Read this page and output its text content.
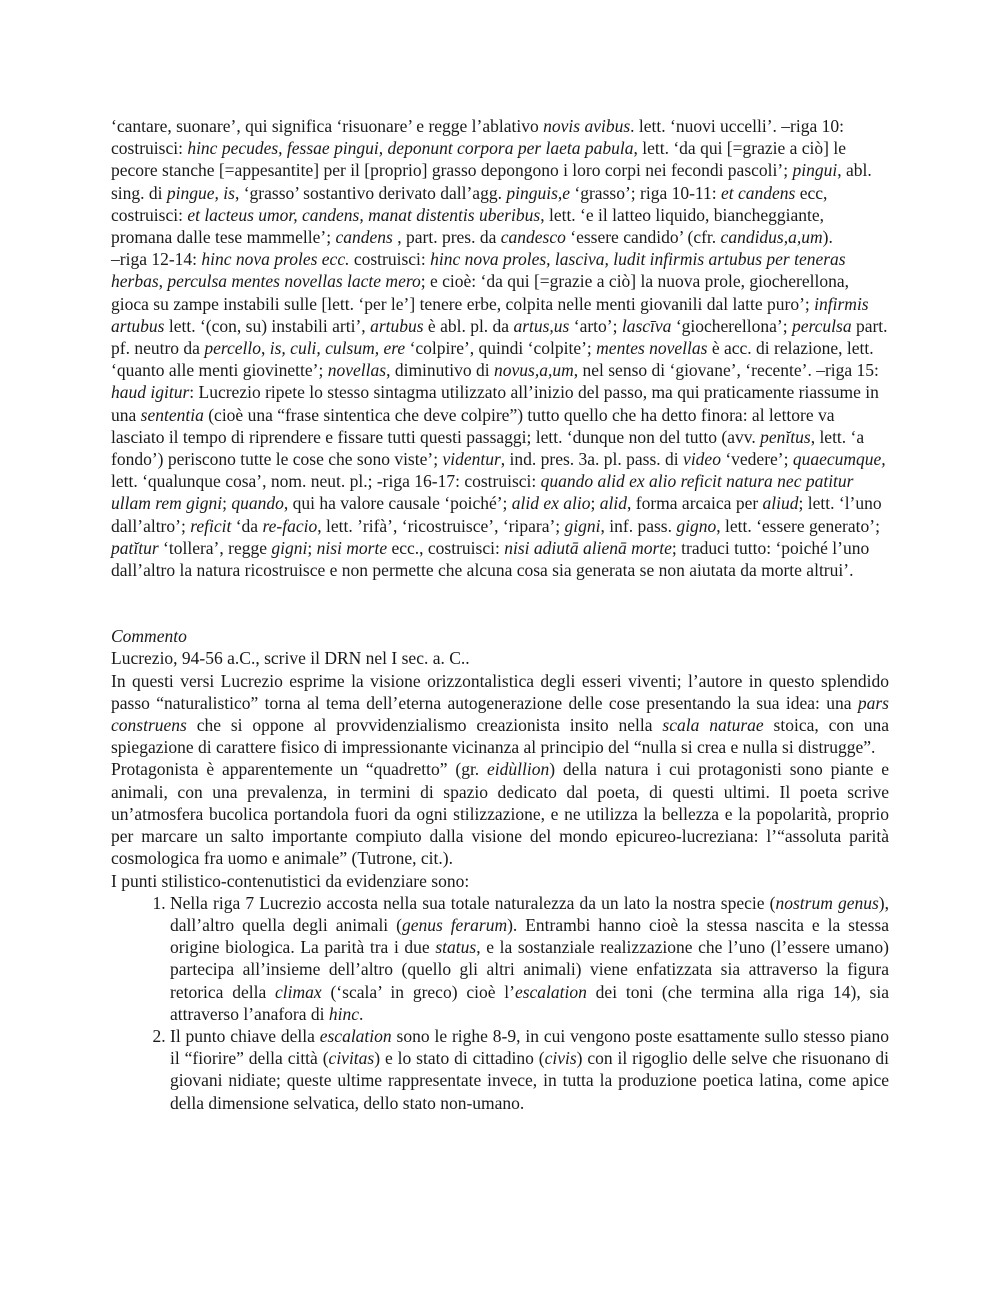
‘cantare, suonare’, qui significa ‘risuonare’ e regge l’ablativo novis avibus. lett. ‘nuovi uccelli’. –riga 10: costruisci: hinc pecudes, fessae pingui, deponunt corpora per laeta pabula, lett. ‘da qui [=grazie a ciò] le pecore stanche [=appesantite] per il [proprio] grasso depongono i loro corpi nei fecondi pascoli’; pingui, abl. sing. di pingue, is, ‘grasso’ sostantivo derivato dall’agg. pinguis,e ‘grasso’; riga 10-11: et candens ecc, costruisci: et lacteus umor, candens, manat distentis uberibus, lett. ‘e il latteo liquido, biancheggiante, promana dalle tese mammelle’; candens , part. pres. da candesco ‘essere candido’ (cfr. candidus,a,um).

–riga 12-14: hinc nova proles ecc. costruisci: hinc nova proles, lasciva, ludit infirmis artubus per teneras herbas, perculsa mentes novellas lacte mero; e cioè: ‘da qui [=grazie a ciò] la nuova prole, giocherellona, gioca su zampe instabili sulle [lett. ‘per le’] tenere erbe, colpita nelle menti giovanili dal latte puro’; infirmis artubus lett. ‘(con, su) instabili arti’, artubus è abl. pl. da artus,us ‘arto’; lascīva ‘giocherellona’; perculsa part. pf. neutro da percello, is, culi, culsum, ere ‘colpire’, quindi ‘colpite’; mentes novellas è acc. di relazione, lett. ‘quanto alle menti giovinette’; novellas, diminutivo di novus,a,um, nel senso di ‘giovane’, ‘recente’. –riga 15: haud igitur: Lucrezio ripete lo stesso sintagma utilizzato all’inizio del passo, ma qui praticamente riassume in una sententia (cioè una “frase sintentica che deve colpire”) tutto quello che ha detto finora: al lettore va lasciato il tempo di riprendere e fissare tutti questi passaggi; lett. ‘dunque non del tutto (avv. penĭtus, lett. ‘a fondo’) periscono tutte le cose che sono viste’; videntur, ind. pres. 3a. pl. pass. di video ‘vedere’; quaecumque, lett. ‘qualunque cosa’, nom. neut. pl.; -riga 16-17: costruisci: quando alid ex alio reficit natura nec patitur ullam rem gigni; quando, qui ha valore causale ‘poiché’; alid ex alio; alid, forma arcaica per aliud; lett. ‘l’uno dall’altro’; reficit ‘da re-facio, lett. ’rifà’, ‘ricostruisce’, ‘ripara’; gigni, inf. pass. gigno, lett. ‘essere generato’; patĭtur ‘tollera’, regge gigni; nisi morte ecc., costruisci: nisi adiutā alienā morte; traduci tutto: ‘poiché l’uno dall’altro la natura ricostruisce e non permette che alcuna cosa sia generata se non aiutata da morte altrui’.

Commento

Lucrezio, 94-56 a.C., scrive il DRN nel I sec. a. C..

In questi versi Lucrezio esprime la visione orizzontalistica degli esseri viventi; l’autore in questo splendido passo “naturalistico” torna al tema dell’eterna autogenerazione delle cose presentando la sua idea: una pars construens che si oppone al provvidenzialismo creazionista insito nella scala naturae stoica, con una spiegazione di carattere fisico di impressionante vicinanza al principio del “nulla si crea e nulla si distrugge”.

Protagonista è apparentemente un “quadretto” (gr. eidùllion) della natura i cui protagonisti sono piante e animali, con una prevalenza, in termini di spazio dedicato dal poeta, di questi ultimi. Il poeta scrive un’atmosfera bucolica portandola fuori da ogni stilizzazione, e ne utilizza la bellezza e la popolarità, proprio per marcare un salto importante compiuto dalla visione del mondo epicureo-lucreziana: l’“assoluta parità cosmologica fra uomo e animale” (Tutrone, cit.).

I punti stilistico-contenutistici da evidenziare sono:

1. Nella riga 7 Lucrezio accosta nella sua totale naturalezza da un lato la nostra specie (nostrum genus), dall’altro quella degli animali (genus ferarum). Entrambi hanno cioè la stessa nascita e la stessa origine biologica. La parità tra i due status, e la sostanziale realizzazione che l’uno (l’essere umano) partecipa all’insieme dell’altro (quello gli altri animali) viene enfatizzata sia attraverso la figura retorica della climax (‘scala’ in greco) cioè l’escalation dei toni (che termina alla riga 14), sia attraverso l’anafora di hinc.
2. Il punto chiave della escalation sono le righe 8-9, in cui vengono poste esattamente sullo stesso piano il “fiorire” della città (civitas) e lo stato di cittadino (civis) con il rigoglio delle selve che risuonano di giovani nidiate; queste ultime rappresentate invece, in tutta la produzione poetica latina, come apice della dimensione selvatica, dello stato non-umano.
